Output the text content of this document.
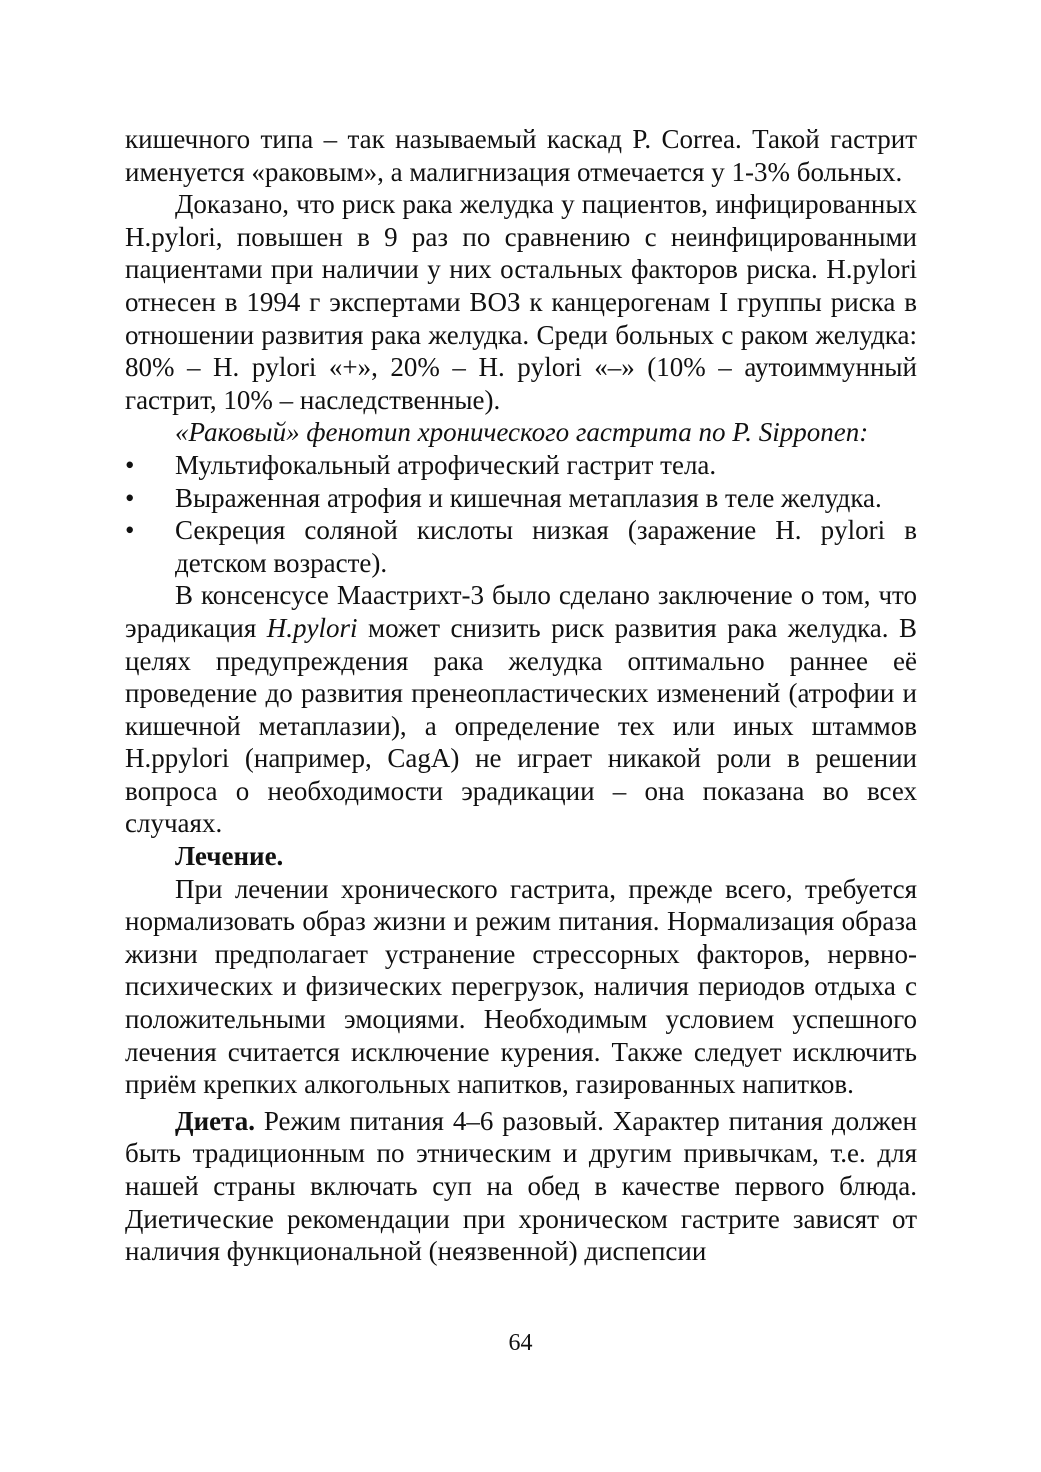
кишечного типа – так называемый каскад P. Correa. Такой гастрит именуется «раковым», а малигнизация отмечается у 1-3% больных.

Доказано, что риск рака желудка у пациентов, инфицированных H.pylori, повышен в 9 раз по сравнению с неинфицированными пациентами при наличии у них остальных факторов риска. H.pylori отнесен в 1994 г экспертами ВОЗ к канцерогенам I группы риска в отношении развития рака желудка. Среди больных с раком желудка: 80% – H. pylori «+», 20% – H. pylori «–» (10% – аутоиммунный гастрит, 10% – наследственные).

«Раковый» фенотип хронического гастрита по P. Sipponen:

•	Мультифокальный атрофический гастрит тела.
•	Выраженная атрофия и кишечная метаплазия в теле желудка.
•	Секреция соляной кислоты низкая (заражение H. pylori в детском возрасте).

В консенсусе Маастрихт-3 было сделано заключение о том, что эрадикация H.pylori может снизить риск развития рака желудка. В целях предупреждения рака желудка оптимально раннее её проведение до развития пренеопластических изменений (атрофии и кишечной метаплазии), а определение тех или иных штаммов H.ppylori (например, CagA) не играет никакой роли в решении вопроса о необходимости эрадикации – она показана во всех случаях.

Лечение.

При лечении хронического гастрита, прежде всего, требуется нормализовать образ жизни и режим питания. Нормализация образа жизни предполагает устранение стрессорных факторов, нервно-психических и физических перегрузок, наличия периодов отдыха с положительными эмоциями. Необходимым условием успешного лечения считается исключение курения. Также следует исключить приём крепких алкогольных напитков, газированных напитков.

Диета. Режим питания 4–6 разовый. Характер питания должен быть традиционным по этническим и другим привычкам, т.е. для нашей страны включать суп на обед в качестве первого блюда. Диетические рекомендации при хроническом гастрите зависят от наличия функциональной (неязвенной) диспепсии

64
